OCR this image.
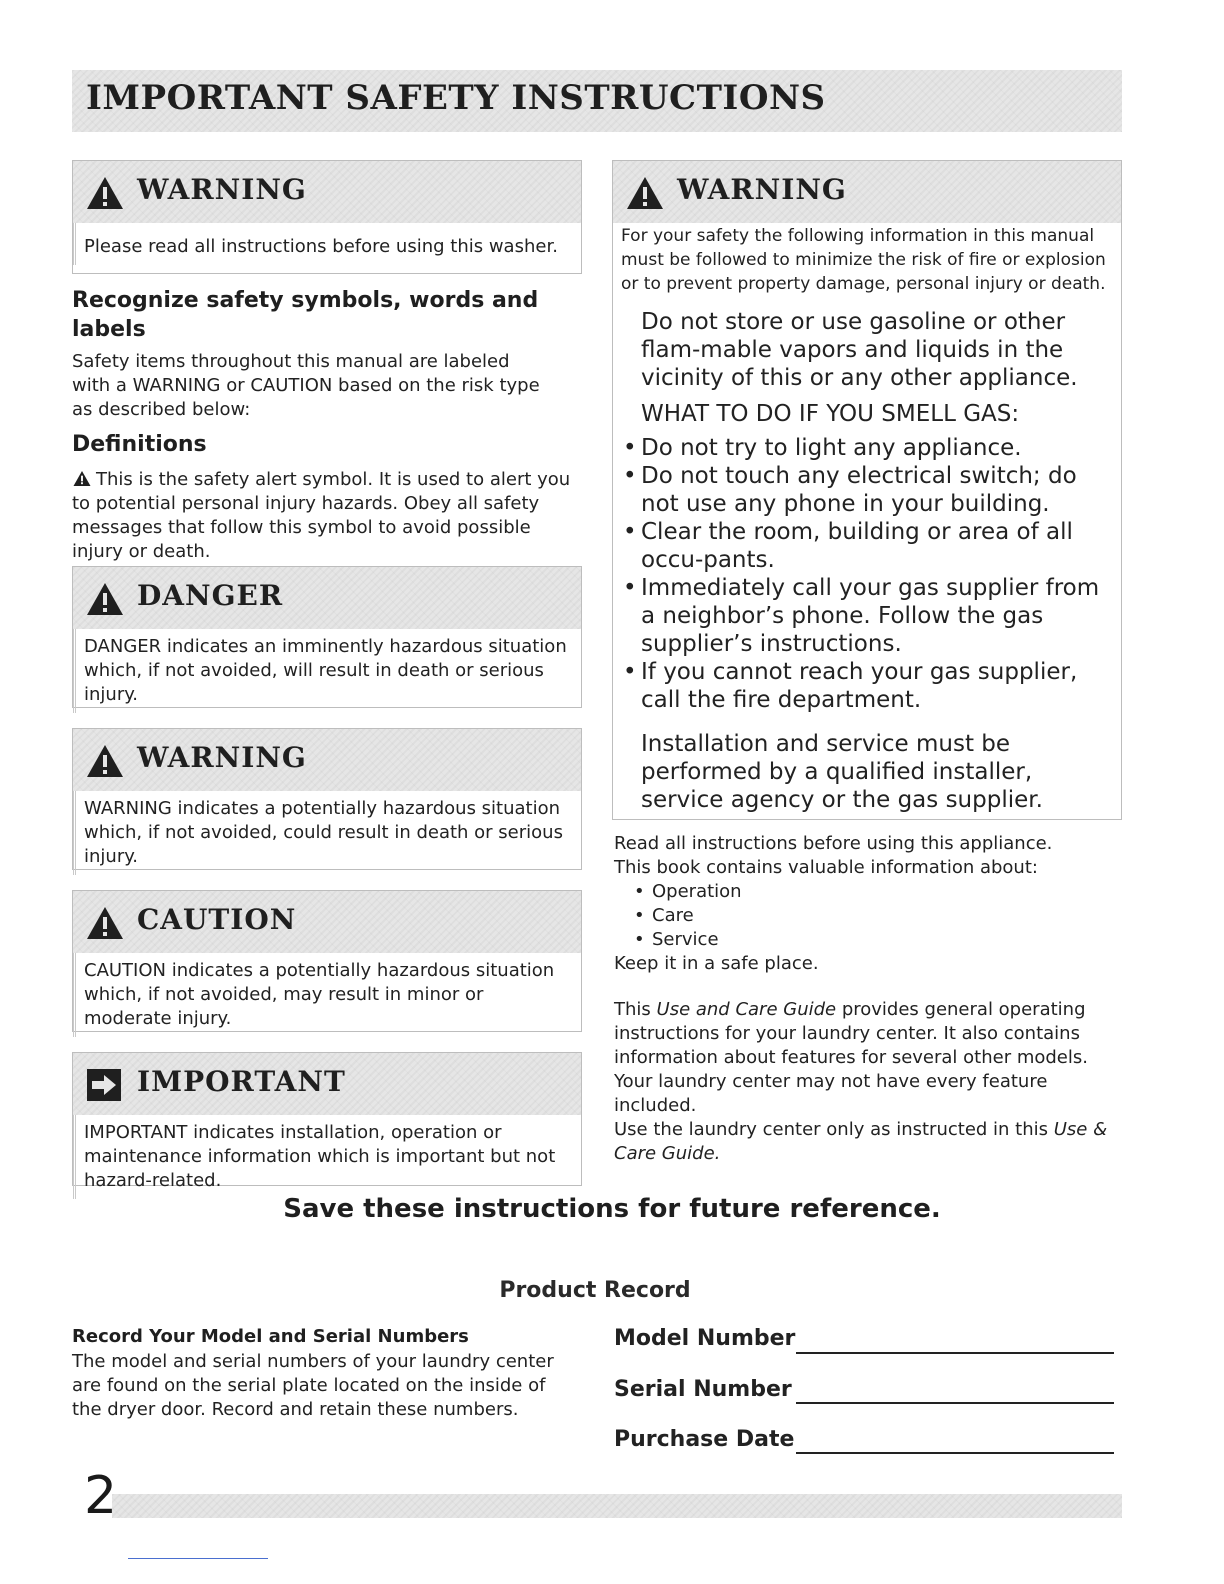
IMPORTANT SAFETY INSTRUCTIONS
WARNING
Please read all instructions before using this washer.
Recognize safety symbols, words and labels
Safety items throughout this manual are labeled with a WARNING or CAUTION based on the risk type as described below:
Definitions
This is the safety alert symbol. It is used to alert you to potential personal injury hazards. Obey all safety messages that follow this symbol to avoid possible injury or death.
DANGER
DANGER indicates an imminently hazardous situation which, if not avoided, will result in death or serious injury.
WARNING
WARNING indicates a potentially hazardous situation which, if not avoided, could result in death or serious injury.
CAUTION
CAUTION indicates a potentially hazardous situation which, if not avoided, may result in minor or moderate injury.
IMPORTANT
IMPORTANT indicates installation, operation or maintenance information which is important but not hazard-related.
WARNING
For your safety the following information in this manual must be followed to minimize the risk of fire or explosion or to prevent property damage, personal injury or death.
Do not store or use gasoline or other flam-mable vapors and liquids in the vicinity of this or any other appliance.
WHAT TO DO IF YOU SMELL GAS:
• Do not try to light any appliance.
• Do not touch any electrical switch; do not use any phone in your building.
• Clear the room, building or area of all occu-pants.
• Immediately call your gas supplier from a neighbor’s phone. Follow the gas supplier’s instructions.
• If you cannot reach your gas supplier, call the fire department.
Installation and service must be performed by a qualified installer, service agency or the gas supplier.
Read all instructions before using this appliance. This book contains valuable information about:
• Operation
• Care
• Service
Keep it in a safe place.
This Use and Care Guide provides general operating instructions for your laundry center. It also contains information about features for several other models. Your laundry center may not have every feature included.
Use the laundry center only as instructed in this Use & Care Guide.
Save these instructions for future reference.
Product Record
Record Your Model and Serial Numbers
The model and serial numbers of your laundry center are found on the serial plate located on the inside of the dryer door. Record and retain these numbers.
Model Number
Serial Number
Purchase Date
2
